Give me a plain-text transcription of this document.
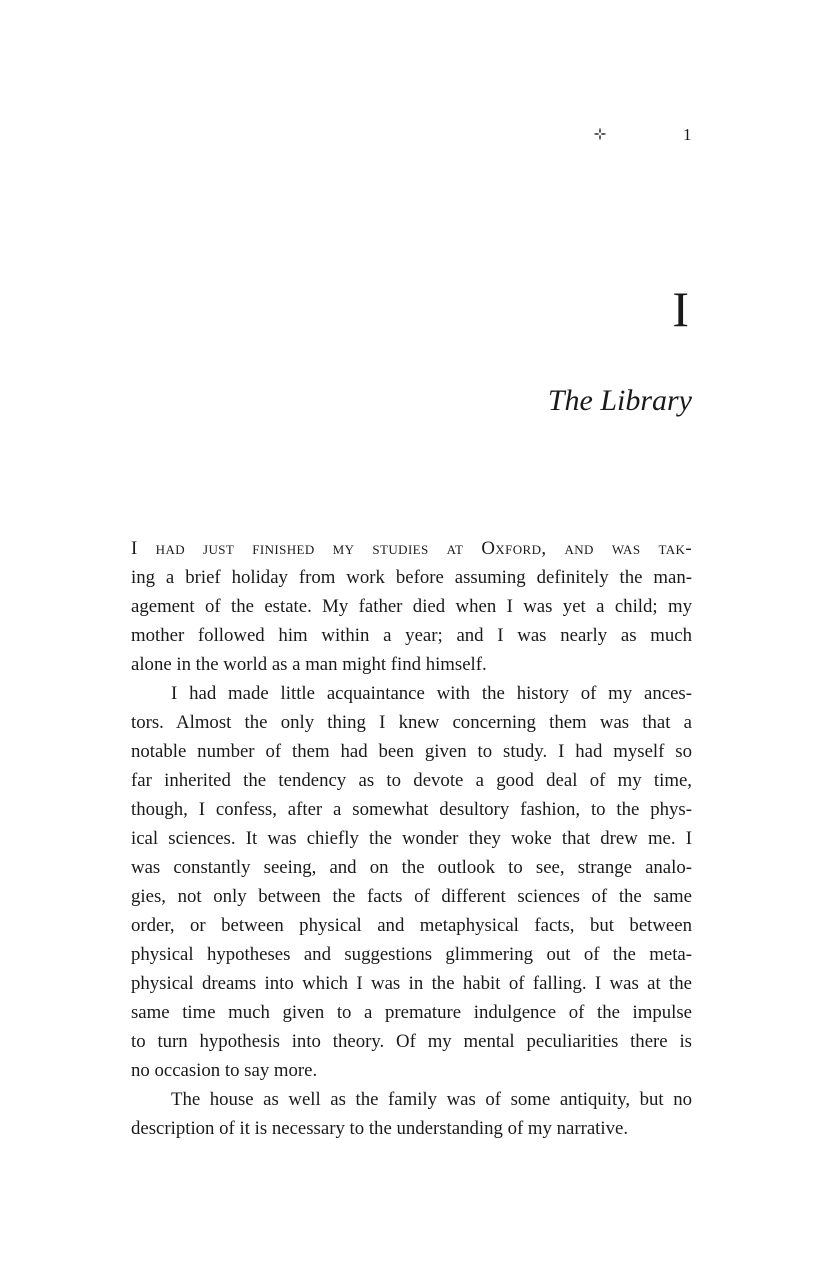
1
I
The Library
I had just finished my studies at Oxford, and was tak-
ing a brief holiday from work before assuming definitely the man-
agement of the estate. My father died when I was yet a child; my
mother followed him within a year; and I was nearly as much
alone in the world as a man might find himself.
I had made little acquaintance with the history of my ances-
tors. Almost the only thing I knew concerning them was that a
notable number of them had been given to study. I had myself so
far inherited the tendency as to devote a good deal of my time,
though, I confess, after a somewhat desultory fashion, to the phys-
ical sciences. It was chiefly the wonder they woke that drew me. I
was constantly seeing, and on the outlook to see, strange analo-
gies, not only between the facts of different sciences of the same
order, or between physical and metaphysical facts, but between
physical hypotheses and suggestions glimmering out of the meta-
physical dreams into which I was in the habit of falling. I was at the
same time much given to a premature indulgence of the impulse
to turn hypothesis into theory. Of my mental peculiarities there is
no occasion to say more.
The house as well as the family was of some antiquity, but no
description of it is necessary to the understanding of my narrative.
